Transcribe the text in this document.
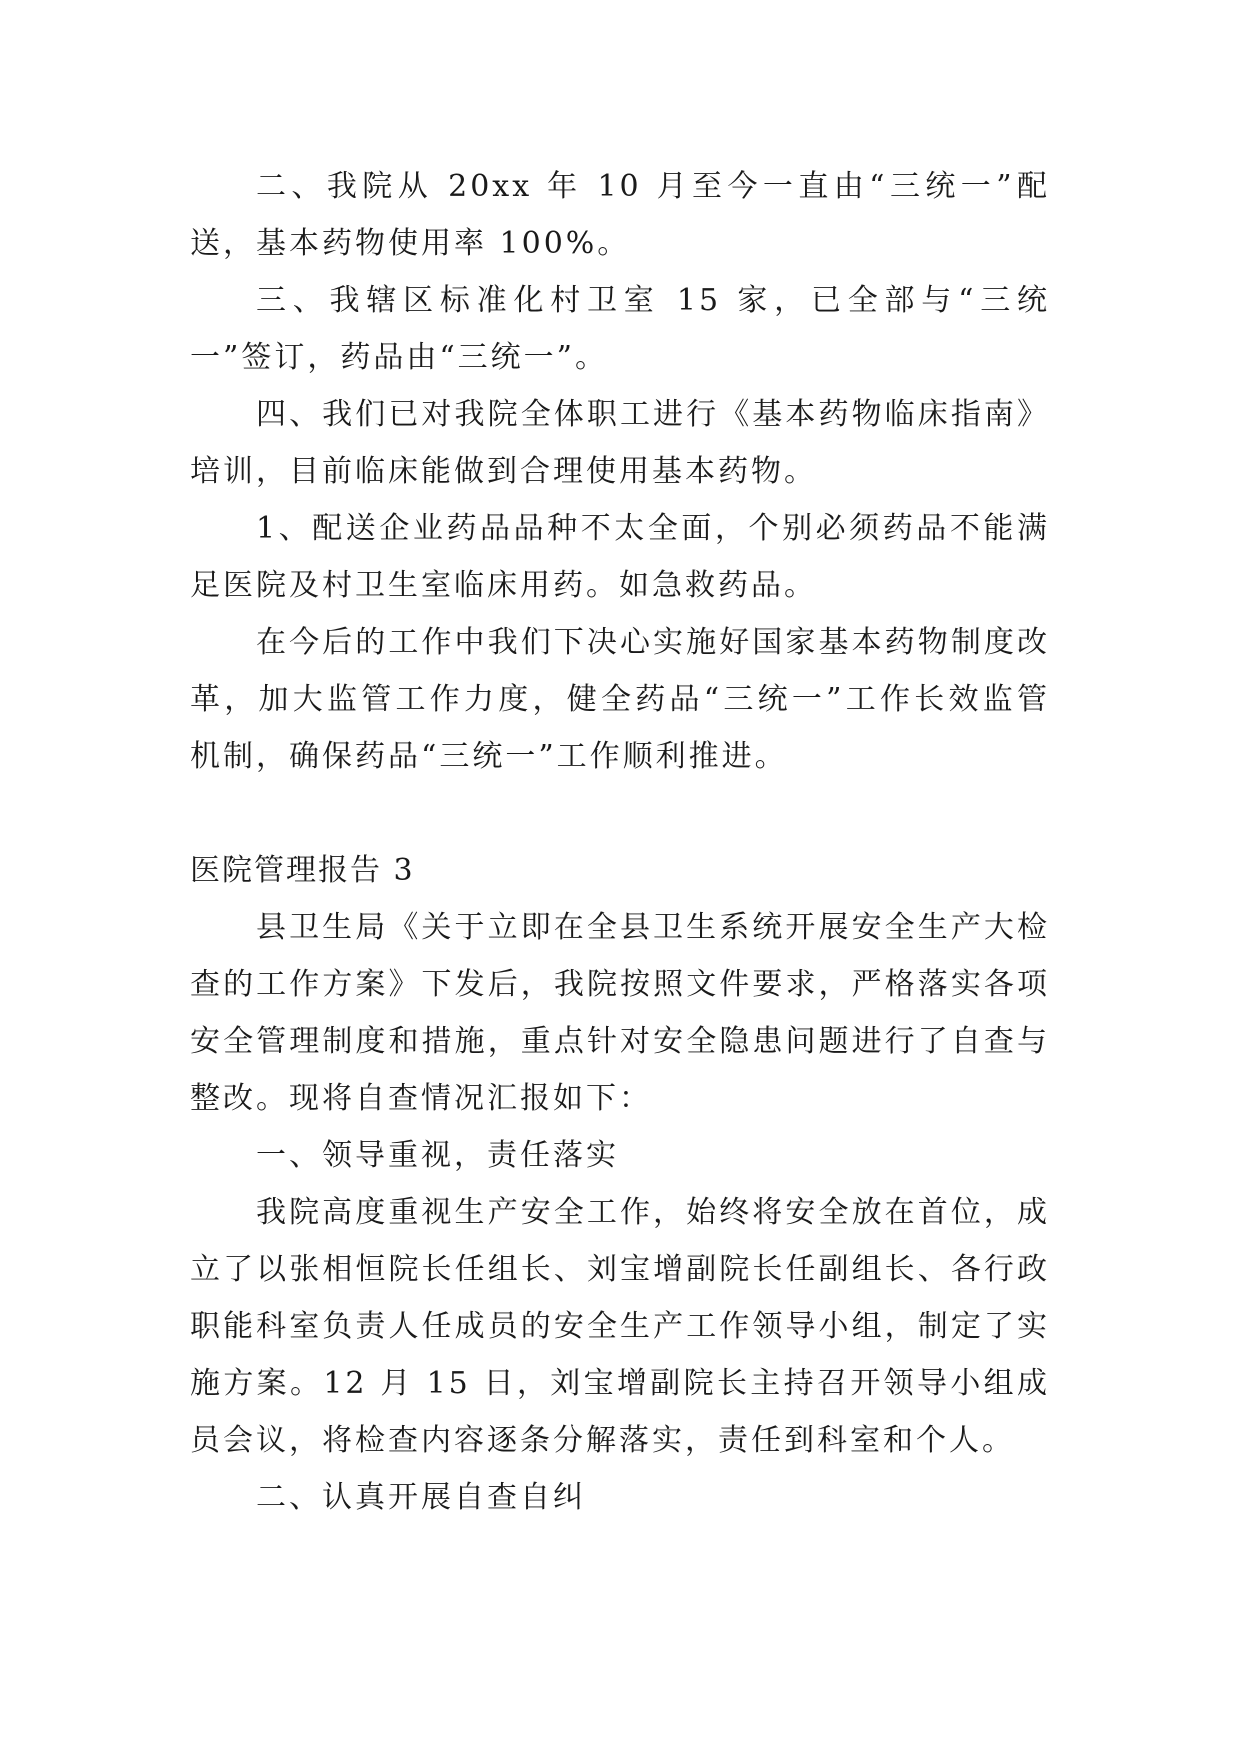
二、我院从 20xx 年 10 月至今一直由“三统一”配送，基本药物使用率 100%。

三、我辖区标准化村卫室 15 家，已全部与“三统一”签订，药品由“三统一”。

四、我们已对我院全体职工进行《基本药物临床指南》培训，目前临床能做到合理使用基本药物。

1、配送企业药品品种不太全面，个别必须药品不能满足医院及村卫生室临床用药。如急救药品。

在今后的工作中我们下决心实施好国家基本药物制度改革，加大监管工作力度，健全药品“三统一”工作长效监管机制，确保药品“三统一”工作顺利推进。

医院管理报告 3

县卫生局《关于立即在全县卫生系统开展安全生产大检查的工作方案》下发后，我院按照文件要求，严格落实各项安全管理制度和措施，重点针对安全隐患问题进行了自查与整改。现将自查情况汇报如下：

一、领导重视，责任落实

我院高度重视生产安全工作，始终将安全放在首位，成立了以张相恒院长任组长、刘宝增副院长任副组长、各行政职能科室负责人任成员的安全生产工作领导小组，制定了实施方案。12 月 15 日，刘宝增副院长主持召开领导小组成员会议，将检查内容逐条分解落实，责任到科室和个人。

二、认真开展自查自纠
